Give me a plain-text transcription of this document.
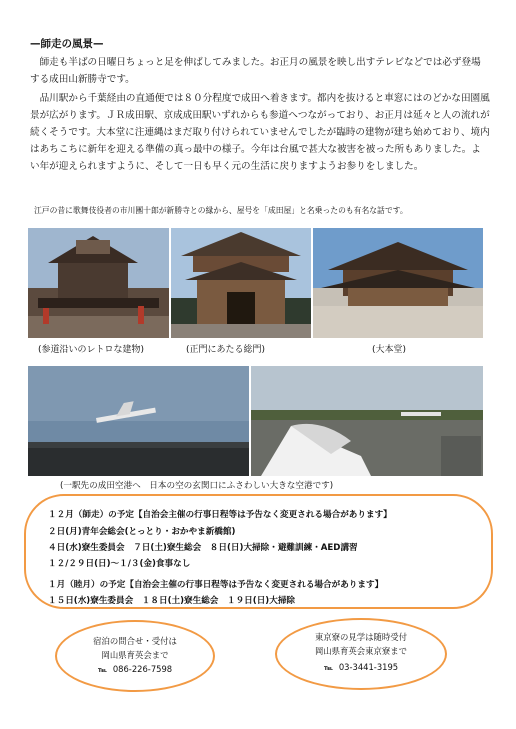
—師走の風景—
　師走も半ばの日曜日ちょっと足を伸ばしてみました。お正月の風景を映し出すテレビなどでは必ず登場する成田山新勝寺です。
　品川駅から千葉経由の直通便では８０分程度で成田へ着きます。都内を抜けると車窓にはのどかな田園風景が広がります。ＪＲ成田駅、京成成田駅いずれからも参道へつながっており、お正月は延々と人の流れが続くそうです。大本堂に注連縄はまだ取り付けられていませんでしたが臨時の建物が建ち始めており、境内はあちこちに新年を迎える準備の真っ最中の様子。今年は台風で甚大な被害を被った所もありました。よい年が迎えられますように、そして一日も早く元の生活に戻りますようお参りをしました。
江戸の昔に歌舞伎役者の市川團十郎が新勝寺との縁から、屋号を「成田屋」と名乗ったのも有名な話です。
(参道沿いのレトロな建物)	(正門にあたる総門)	(大本堂)
(一駅先の成田空港へ　日本の空の玄関口にふさわしい大きな空港です)
１２月（師走）の予定【自治会主催の行事日程等は予告なく変更される場合があります】
２日(月)青年会総会(とっとり・おかやま新橋館)
４日(水)寮生委員会　７日(土)寮生総会　８日(日)大掃除・避難訓練・AED講習
１２/２９日(日)～１/３(金)食事なし
１月（睦月）の予定【自治会主催の行事日程等は予告なく変更される場合があります】
１５日(水)寮生委員会　１８日(土)寮生総会　１９日(日)大掃除
宿泊の問合せ・受付は
岡山県育英会まで
℡ 086-226-7598
東京寮の見学は随時受付
岡山県育英会東京寮まで
℡ 03-3441-3195
